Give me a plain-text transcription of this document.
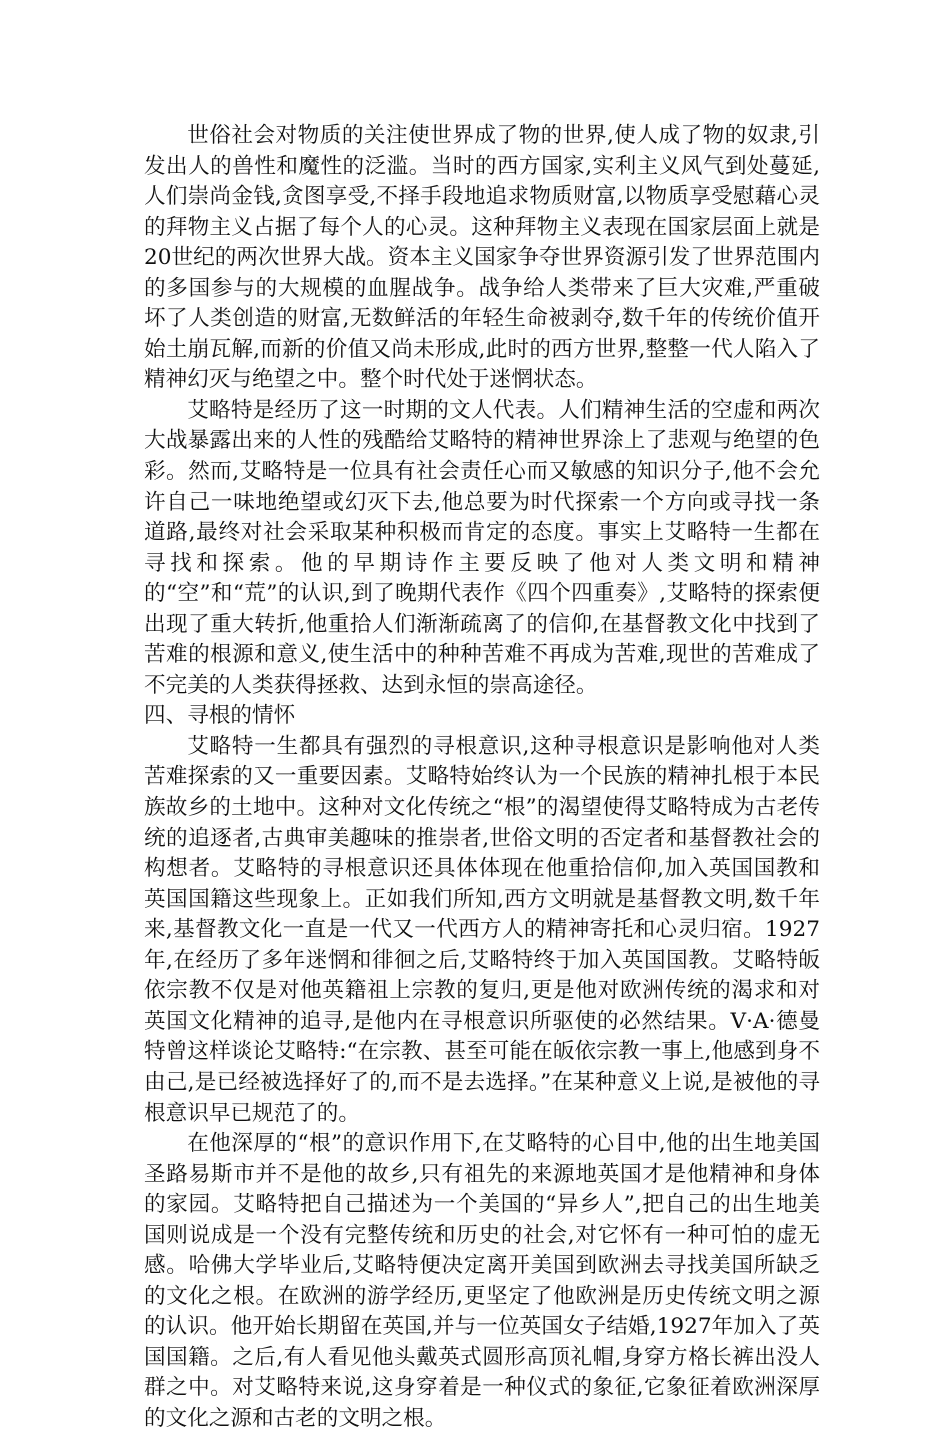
世俗社会对物质的关注使世界成了物的世界,使人成了物的奴隶,引发出人的兽性和魔性的泛滥。当时的西方国家,实利主义风气到处蔓延,人们崇尚金钱,贪图享受,不择手段地追求物质财富,以物质享受慰藉心灵的拜物主义占据了每个人的心灵。这种拜物主义表现在国家层面上就是20世纪的两次世界大战。资本主义国家争夺世界资源引发了世界范围内的多国参与的大规模的血腥战争。战争给人类带来了巨大灾难,严重破坏了人类创造的财富,无数鲜活的年轻生命被剥夺,数千年的传统价值开始土崩瓦解,而新的价值又尚未形成,此时的西方世界,整整一代人陷入了精神幻灭与绝望之中。整个时代处于迷惘状态。

艾略特是经历了这一时期的文人代表。人们精神生活的空虚和两次大战暴露出来的人性的残酷给艾略特的精神世界涂上了悲观与绝望的色彩。然而,艾略特是一位具有社会责任心而又敏感的知识分子,他不会允许自己一味地绝望或幻灭下去,他总要为时代探索一个方向或寻找一条道路,最终对社会采取某种积极而肯定的态度。事实上艾略特一生都在寻找和探索。他的早期诗作主要反映了他对人类文明和精神的“空”和“荒”的认识,到了晚期代表作《四个四重奏》,艾略特的探索便出现了重大转折,他重拾人们渐渐疏离了的信仰,在基督教文化中找到了苦难的根源和意义,使生活中的种种苦难不再成为苦难,现世的苦难成了不完美的人类获得拯救、达到永恒的崇高途径。

四、寻根的情怀

艾略特一生都具有强烈的寻根意识,这种寻根意识是影响他对人类苦难探索的又一重要因素。艾略特始终认为一个民族的精神扎根于本民族故乡的土地中。这种对文化传统之“根”的渴望使得艾略特成为古老传统的追逐者,古典审美趣味的推崇者,世俗文明的否定者和基督教社会的构想者。艾略特的寻根意识还具体体现在他重拾信仰,加入英国国教和英国国籍这些现象上。正如我们所知,西方文明就是基督教文明,数千年来,基督教文化一直是一代又一代西方人的精神寄托和心灵归宿。1927年,在经历了多年迷惘和徘徊之后,艾略特终于加入英国国教。艾略特皈依宗教不仅是对他英籍祖上宗教的复归,更是他对欧洲传统的渴求和对英国文化精神的追寻,是他内在寻根意识所驱使的必然结果。V·A·德曼特曾这样谈论艾略特:“在宗教、甚至可能在皈依宗教一事上,他感到身不由己,是已经被选择好了的,而不是去选择。”在某种意义上说,是被他的寻根意识早已规范了的。

在他深厚的“根”的意识作用下,在艾略特的心目中,他的出生地美国圣路易斯市并不是他的故乡,只有祖先的来源地英国才是他精神和身体的家园。艾略特把自己描述为一个美国的“异乡人”,把自己的出生地美国则说成是一个没有完整传统和历史的社会,对它怀有一种可怕的虚无感。哈佛大学毕业后,艾略特便决定离开美国到欧洲去寻找美国所缺乏的文化之根。在欧洲的游学经历,更坚定了他欧洲是历史传统文明之源的认识。他开始长期留在英国,并与一位英国女子结婚,1927年加入了英国国籍。之后,有人看见他头戴英式圆形高顶礼帽,身穿方格长裤出没人群之中。对艾略特来说,这身穿着是一种仪式的象征,它象征着欧洲深厚的文化之源和古老的文明之根。
